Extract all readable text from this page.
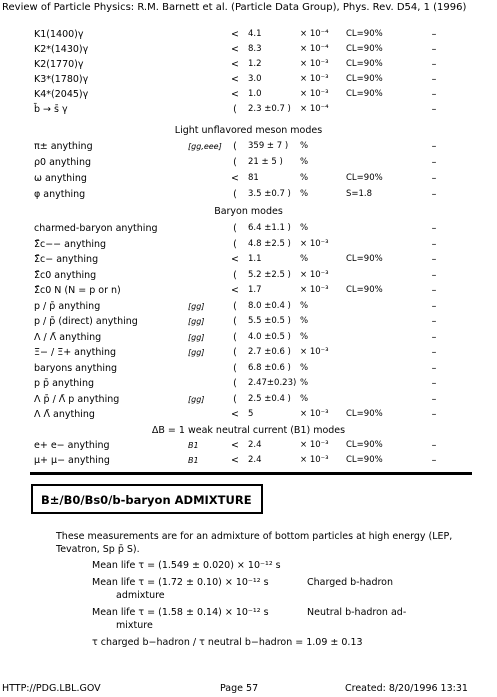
Review of Particle Physics: R.M. Barnett et al. (Particle Data Group), Phys. Rev. D54, 1 (1996)
K1(1400)γ	< 4.1	× 10⁻⁴ CL=90%	–
K2*(1430)γ	< 8.3	× 10⁻⁴ CL=90%	–
K2(1770)γ	< 1.2	× 10⁻³ CL=90%	–
K3*(1780)γ	< 3.0	× 10⁻³ CL=90%	–
K4*(2045)γ	< 1.0	× 10⁻³ CL=90%	–
b̄ → s̄ γ	(	2.3 ±0.7 )	× 10⁻⁴	–
π± anything	[gg,eee]	(	359 ± 7 )	%	–
ρ0 anything	(	21 ± 5 )	%	–
ω anything	< 81	%	CL=90%	–
φ anything	(	3.5 ±0.7 )	%	S=1.8	–
charmed-baryon anything	(	6.4 ±1.1 )	%	–
Σ̄c−− anything	(	4.8 ±2.5 )	× 10⁻³	–
Σ̄c− anything	< 1.1	%	CL=90%	–
Σ̄c0 anything	(	5.2 ±2.5 )	× 10⁻³	–
Σ̄c0 N (N = p or n)	< 1.7	× 10⁻³ CL=90%	–
p / p̄ anything	[gg]	(	8.0 ±0.4 )	%	–
p / p̄ (direct) anything	[gg]	(	5.5 ±0.5 )	%	–
Λ / Λ̄ anything	[gg]	(	4.0 ±0.5 )	%	–
Ξ− / Ξ+ anything	[gg]	(	2.7 ±0.6 )	× 10⁻³	–
baryons anything	(	6.8 ±0.6 )	%	–
p p̄ anything	(	2.47±0.23) %	–
Λ p̄ / Λ̄ p anything	[gg]	(	2.5 ±0.4 )	%	–
Λ Λ̄ anything	< 5	× 10⁻³ CL=90%	–
e+ e− anything	B1	< 2.4	× 10⁻³ CL=90%	–
μ+ μ− anything	B1	< 2.4	× 10⁻³ CL=90%	–
Light unflavored meson modes
Baryon modes
ΔB = 1 weak neutral current (B1) modes
B±/B0/Bs0/b-baryon ADMIXTURE
These measurements are for an admixture of bottom particles at high energy (LEP, Tevatron, Sp p̄ S).
Mean life τ = (1.549 ± 0.020) × 10⁻¹² s
Mean life τ = (1.72 ± 0.10) × 10⁻¹² s	Charged b-hadron
admixture
Mean life τ = (1.58 ± 0.14) × 10⁻¹² s	Neutral b-hadron ad-
mixture
τ charged b−hadron / τ neutral b−hadron = 1.09 ± 0.13
HTTP://PDG.LBL.GOV	Page 57	Created: 8/20/1996 13:31
